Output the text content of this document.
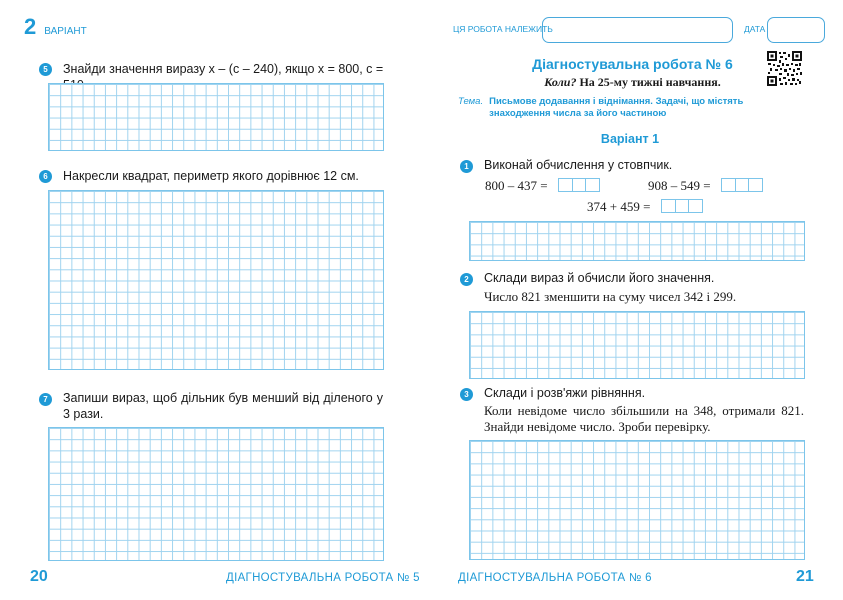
2 ВАРІАНТ
5	Знайди значення виразу x – (c – 240), якщо x = 800, c =
6	Накресли квадрат, периметр якого дорівнює 12 см.
7	Запиши вираз, щоб дільник був менший від діленого у 3 рази.
20	ДІАГНОСТУВАЛЬНА РОБОТА № 5
ЦЯ РОБОТА НАЛЕЖИТЬ	ДАТА
Діагностувальна робота № 6
Коли? На 25-му тижні навчання.
Тема. Письмове додавання і віднімання. Задачі, що містять знаходження числа за його частиною
Варіант 1
1	Виконай обчислення у стовпчик.
800 – 437 =	908 – 549 =
374 + 459 =
2	Склади вираз й обчисли його значення.
Число 821 зменшити на суму чисел 342 і 299.
3	Склади і розв'яжи рівняння.
Коли невідоме число збільшили на 348, отримали 821. Знайди невідоме число. Зроби перевірку.
ДІАГНОСТУВАЛЬНА РОБОТА № 6	21
